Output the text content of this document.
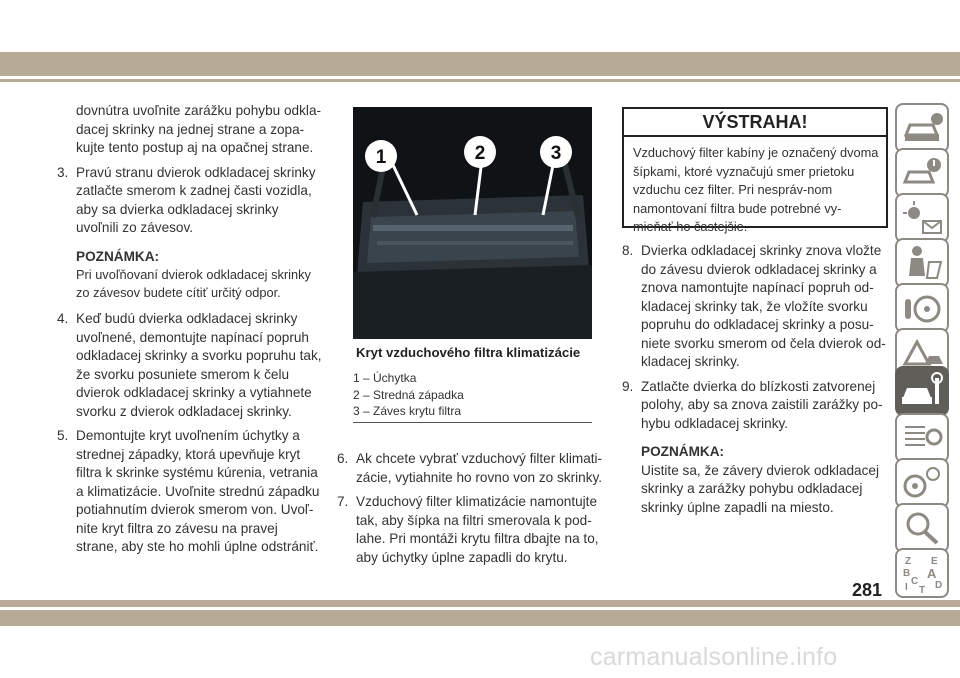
dovnútra uvoľnite zarážku pohybu odkla-dacej skrinky na jednej strane a zopa-kujte tento postup aj na opačnej strane.

3. Pravú stranu dvierok odkladacej skrinky zatlačte smerom k zadnej časti vozidla, aby sa dvierka odkladacej skrinky uvoľnili zo závesov.

POZNÁMKA:

Pri uvoľňovaní dvierok odkladacej skrinky zo závesov budete cítiť určitý odpor.

4. Keď budú dvierka odkladacej skrinky uvoľnené, demontujte napínací popruh odkladacej skrinky a svorku popruhu tak, že svorku posuniete smerom k čelu dvierok odkladacej skrinky a vytiahnete svorku z dvierok odkladacej skrinky.

5. Demontujte kryt uvoľnením úchytky a strednej západky, ktorá upevňuje kryt filtra k skrinke systému kúrenia, vetrania a klimatizácie. Uvoľnite strednú západku potiahnutím dvierok smerom von. Uvoľ-nite kryt filtra zo závesu na pravej strane, aby ste ho mohli úplne odstrániť.

1	2	3
Kryt vzduchového filtra klimatizácie
1 – Úchytka
2 – Stredná západka
3 – Záves krytu filtra

6. Ak chcete vybrať vzduchový filter klimati-zácie, vytiahnite ho rovno von zo skrinky.

7. Vzduchový filter klimatizácie namontujte tak, aby šípka na filtri smerovala k pod-lahe. Pri montáži krytu filtra dbajte na to, aby úchytky úplne zapadli do krytu.

VÝSTRAHA!
Vzduchový filter kabíny je označený dvoma šípkami, ktoré vyznačujú smer prietoku vzduchu cez filter. Pri nespráv-nom namontovaní filtra bude potrebné vy-mieňať ho častejšie.

8. Dvierka odkladacej skrinky znova vložte do závesu dvierok odkladacej skrinky a znova namontujte napínací popruh od-kladacej skrinky tak, že vložíte svorku popruhu do odkladacej skrinky a posu-niete svorku smerom od čela dvierok od-kladacej skrinky.

9. Zatlačte dvierka do blízkosti zatvorenej polohy, aby sa znova zaistili zarážky po-hybu odkladacej skrinky.

POZNÁMKA:

Uistite sa, že závery dvierok odkladacej skrinky a zarážky pohybu odkladacej skrinky úplne zapadli na miesto.

Z E
B A
C D
I T
281
carmanualsonline.info
